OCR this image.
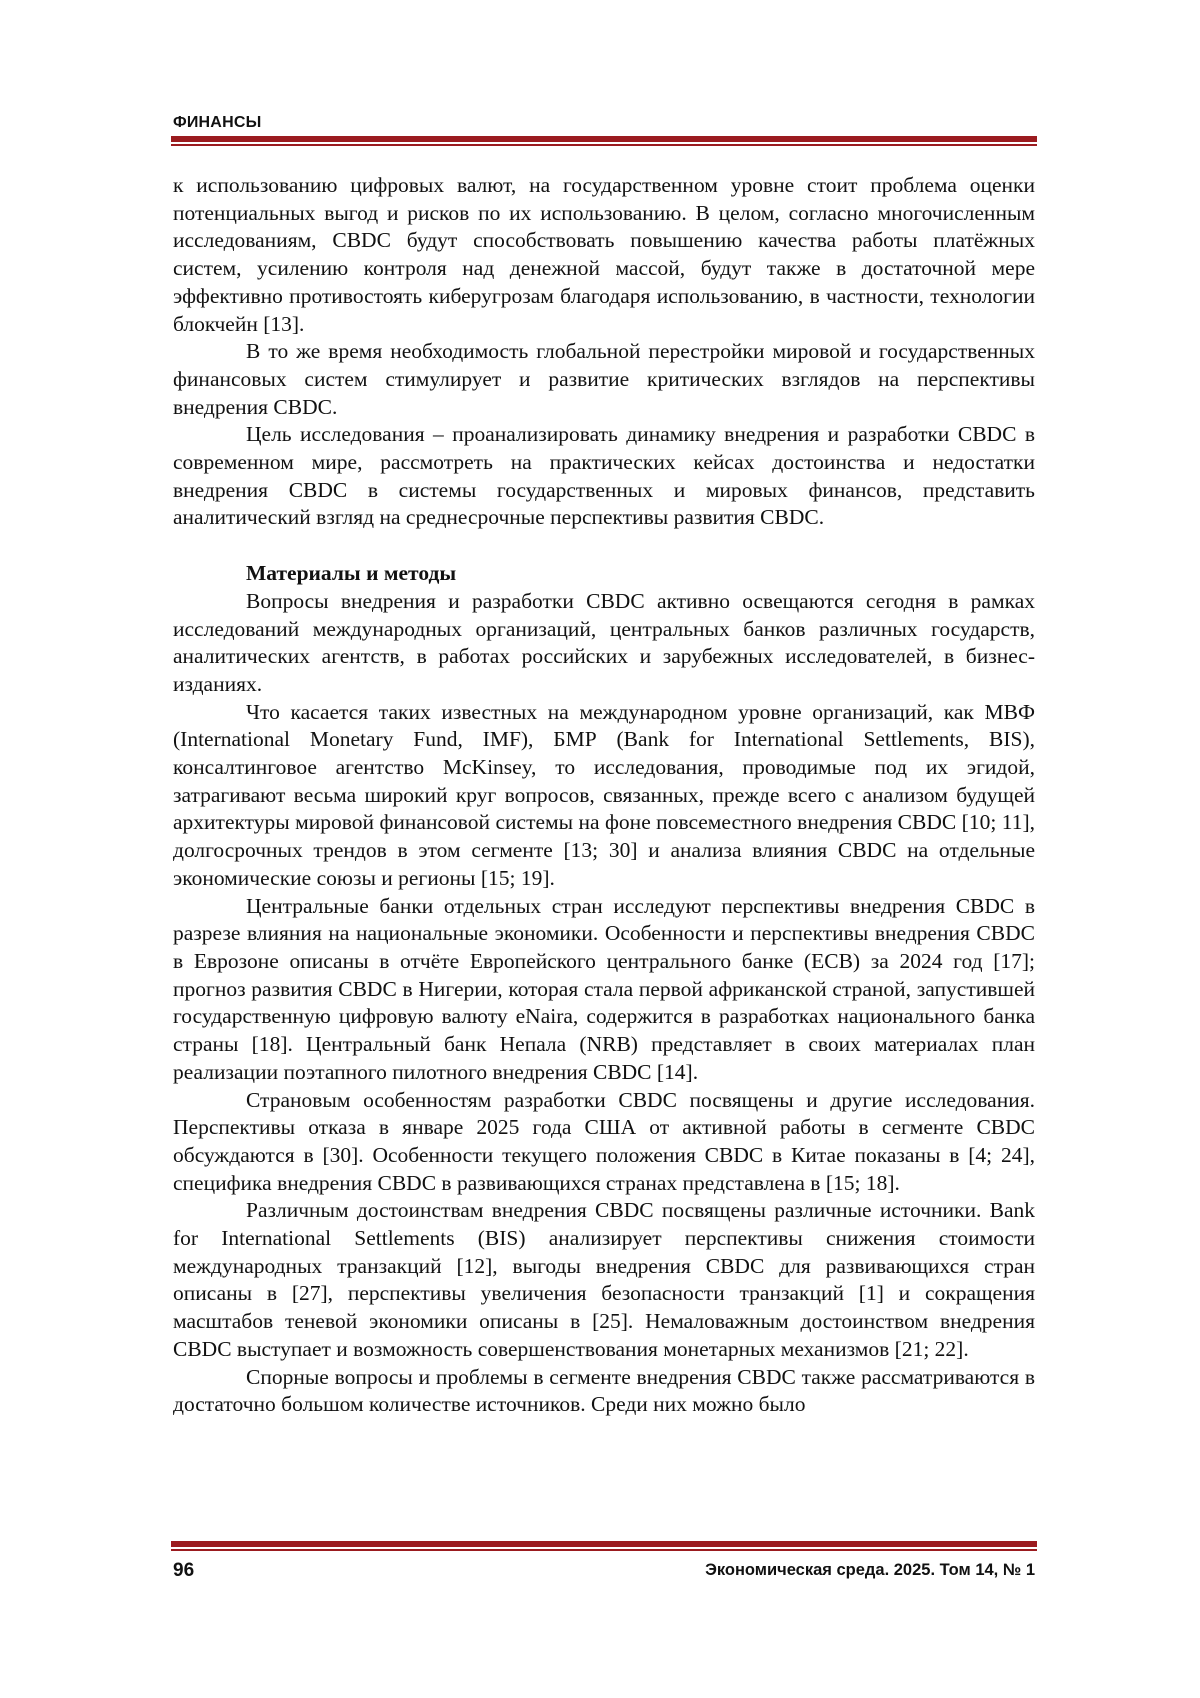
ФИНАНСЫ

к использованию цифровых валют, на государственном уровне стоит проблема оценки потенциальных выгод и рисков по их использованию. В целом, согласно многочисленным исследованиям, CBDC будут способствовать повышению качества работы платёжных систем, усилению контроля над денежной массой, будут также в достаточной мере эффективно противостоять киберугрозам благодаря использованию, в частности, технологии блокчейн [13].

В то же время необходимость глобальной перестройки мировой и государственных финансовых систем стимулирует и развитие критических взглядов на перспективы внедрения CBDC.

Цель исследования – проанализировать динамику внедрения и разработки CBDC в современном мире, рассмотреть на практических кейсах достоинства и недостатки внедрения CBDC в системы государственных и мировых финансов, представить аналитический взгляд на среднесрочные перспективы развития CBDC.

Материалы и методы

Вопросы внедрения и разработки CBDC активно освещаются сегодня в рамках исследований международных организаций, центральных банков различных государств, аналитических агентств, в работах российских и зарубежных исследователей, в бизнес-изданиях.

Что касается таких известных на международном уровне организаций, как МВФ (International Monetary Fund, IMF), БМР (Bank for International Settlements, BIS), консалтинговое агентство McKinsey, то исследования, проводимые под их эгидой, затрагивают весьма широкий круг вопросов, связанных, прежде всего с анализом будущей архитектуры мировой финансовой системы на фоне повсеместного внедрения CBDC [10; 11], долгосрочных трендов в этом сегменте [13; 30] и анализа влияния CBDC на отдельные экономические союзы и регионы [15; 19].

Центральные банки отдельных стран исследуют перспективы внедрения CBDC в разрезе влияния на национальные экономики. Особенности и перспективы внедрения CBDC в Еврозоне описаны в отчёте Европейского центрального банке (ECB) за 2024 год [17]; прогноз развития CBDC в Нигерии, которая стала первой африканской страной, запустившей государственную цифровую валюту eNaira, содержится в разработках национального банка страны [18]. Центральный банк Непала (NRB) представляет в своих материалах план реализации поэтапного пилотного внедрения CBDC [14].

Страновым особенностям разработки CBDC посвящены и другие исследования. Перспективы отказа в январе 2025 года США от активной работы в сегменте CBDC обсуждаются в [30]. Особенности текущего положения CBDC в Китае показаны в [4; 24], специфика внедрения CBDC в развивающихся странах представлена в [15; 18].

Различным достоинствам внедрения CBDC посвящены различные источники. Bank for International Settlements (BIS) анализирует перспективы снижения стоимости международных транзакций [12], выгоды внедрения CBDC для развивающихся стран описаны в [27], перспективы увеличения безопасности транзакций [1] и сокращения масштабов теневой экономики описаны в [25]. Немаловажным достоинством внедрения CBDC выступает и возможность совершенствования монетарных механизмов [21; 22].

Спорные вопросы и проблемы в сегменте внедрения CBDC также рассматриваются в достаточно большом количестве источников. Среди них можно было

96	Экономическая среда. 2025. Том 14, № 1
